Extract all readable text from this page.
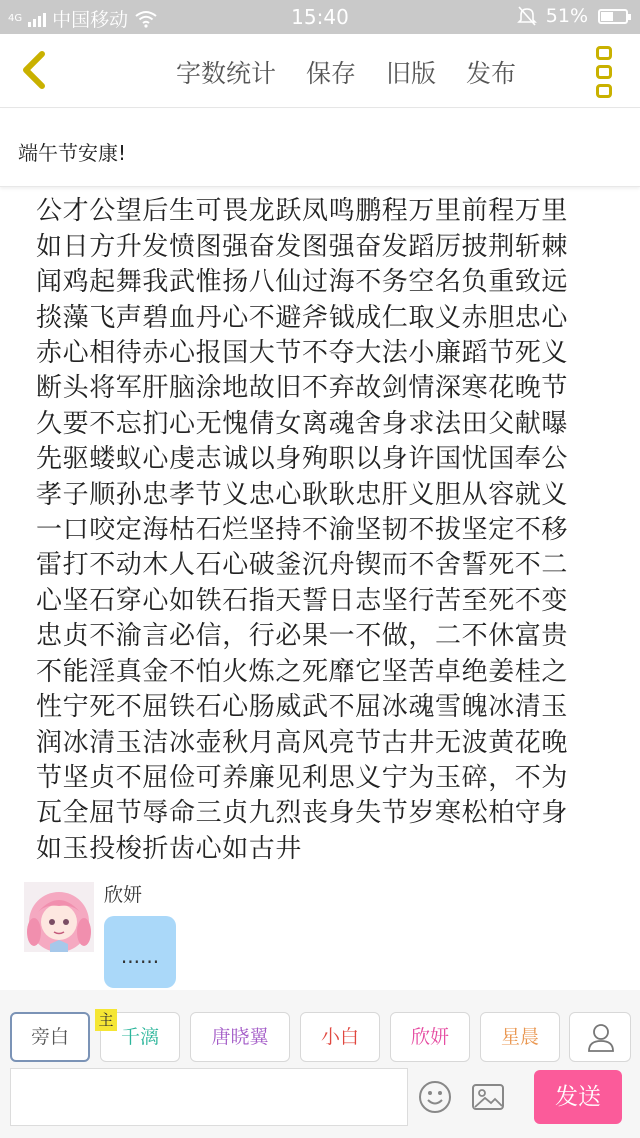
4G 中国移动	15:40	51%
字数统计 保存 旧版 发布
端午节安康!
公才公望后生可畏龙跃凤鸣鹏程万里前程万里
如日方升发愤图强奋发图强奋发蹈厉披荆斩棘
闻鸡起舞我武惟扬八仙过海不务空名负重致远
掞藻飞声碧血丹心不避斧钺成仁取义赤胆忠心
赤心相待赤心报国大节不夺大法小廉蹈节死义
断头将军肝脑涂地故旧不弃故剑情深寒花晚节
久要不忘扪心无愧倩女离魂舍身求法田父献曝
先驱蝼蚁心虔志诚以身殉职以身许国忧国奉公
孝子顺孙忠孝节义忠心耿耿忠肝义胆从容就义
一口咬定海枯石烂坚持不渝坚韧不拔坚定不移
雷打不动木人石心破釜沉舟锲而不舍誓死不二
心坚石穿心如铁石指天誓日志坚行苦至死不变
忠贞不渝言必信，行必果一不做，二不休富贵
不能淫真金不怕火炼之死靡它坚苦卓绝姜桂之
性宁死不屈铁石心肠威武不屈冰魂雪魄冰清玉
润冰清玉洁冰壶秋月高风亮节古井无波黄花晚
节坚贞不屈俭可养廉见利思义宁为玉碎，不为
瓦全屈节辱命三贞九烈丧身失节岁寒松柏守身
如玉投梭折齿心如古井
欣妍
......
旁白
主
千漓	唐晓翼	小白	欣妍	星晨
发送
